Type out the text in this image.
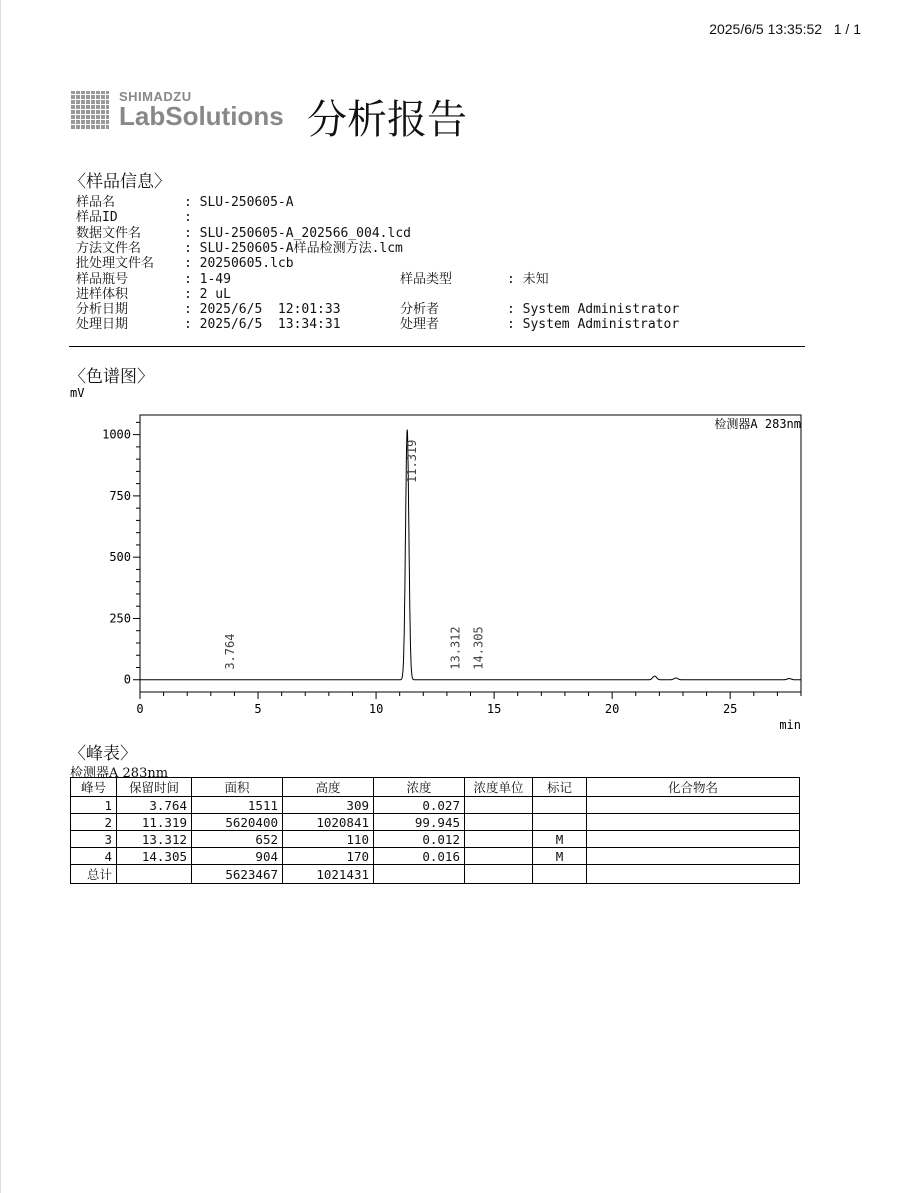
2025/6/5 13:35:52 1 / 1
SHIMADZU
LabSolutions 分析报告
〈样品信息〉
样品名	: SLU-250605-A
样品ID	:
数据文件名	: SLU-250605-A_202566_004.lcd
方法文件名	: SLU-250605-A样品检测方法.lcm
批处理文件名 : 20250605.lcb
样品瓶号	: 1-49	样品类型	: 未知
进样体积	: 2 uL
分析日期	: 2025/6/5  12:01:33	分析者	: System Administrator
处理日期	: 2025/6/5  13:34:31	处理者	: System Administrator
〈色谱图〉
mV
min
检测器A 283nm
0	5	10	15	20	25
0
250
500
750
1000
3.764
11.319
13.312 14.305
〈峰表〉
检测器A 283nm
峰号	保留时间	面积	高度	浓度	浓度单位	标记	化合物名
1	3.764	1511	309	0.027			
2	11.319	5620400	1020841	99.945			
3	13.312	652	110	0.012		M	
4	14.305	904	170	0.016		M	
总计		5623467	1021431				
